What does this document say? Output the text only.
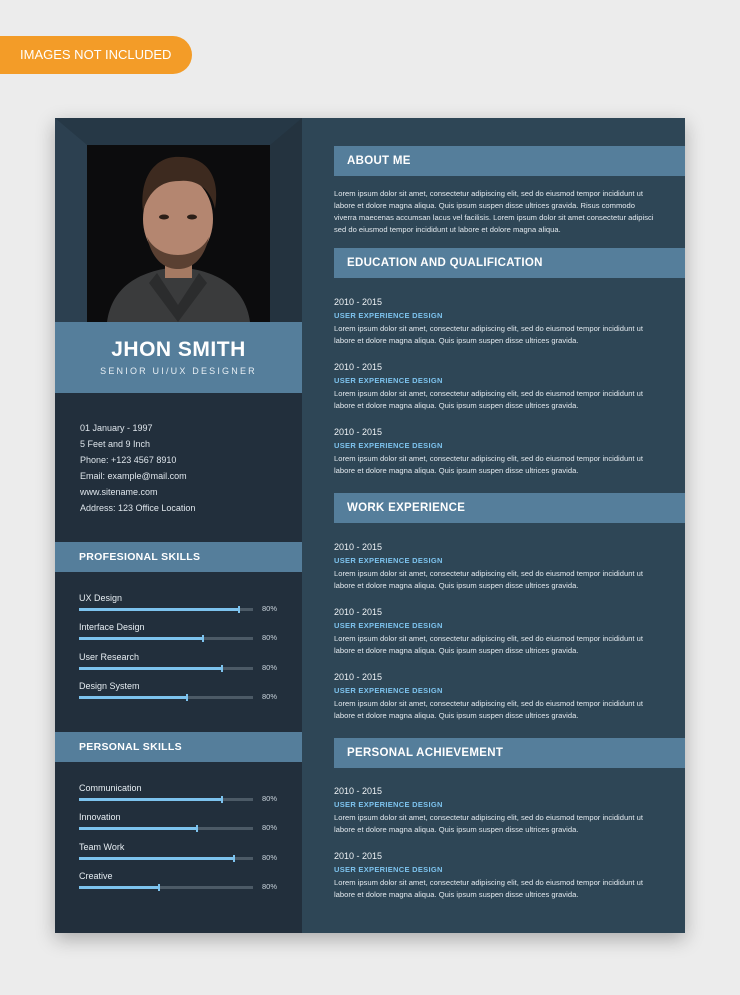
IMAGES NOT INCLUDED
JHON SMITH
SENIOR UI/UX DESIGNER
01 January - 1997
5 Feet and 9 Inch
Phone: +123 4567 8910
Email: example@mail.com
www.sitename.com
Address: 123 Office Location
PROFESIONAL SKILLS
UX Design
80%
Interface Design
80%
User Research
80%
Design System
80%
PERSONAL SKILLS
Communication
80%
Innovation
80%
Team Work
80%
Creative
80%
ABOUT ME
Lorem ipsum dolor sit amet, consectetur adipiscing elit, sed do eiusmod tempor incididunt ut labore et dolore magna aliqua. Quis ipsum suspen disse ultrices gravida. Risus commodo viverra maecenas accumsan lacus vel facilisis. Lorem ipsum dolor sit amet consectetur adipisci sed do eiusmod tempor incididunt ut labore et dolore magna aliqua.
EDUCATION AND QUALIFICATION
2010 - 2015
USER EXPERIENCE DESIGN
Lorem ipsum dolor sit amet, consectetur adipiscing elit, sed do eiusmod tempor incididunt ut labore et dolore magna aliqua. Quis ipsum suspen disse ultrices gravida.
2010 - 2015
USER EXPERIENCE DESIGN
Lorem ipsum dolor sit amet, consectetur adipiscing elit, sed do eiusmod tempor incididunt ut labore et dolore magna aliqua. Quis ipsum suspen disse ultrices gravida.
2010 - 2015
USER EXPERIENCE DESIGN
Lorem ipsum dolor sit amet, consectetur adipiscing elit, sed do eiusmod tempor incididunt ut labore et dolore magna aliqua. Quis ipsum suspen disse ultrices gravida.
WORK EXPERIENCE
2010 - 2015
USER EXPERIENCE DESIGN
Lorem ipsum dolor sit amet, consectetur adipiscing elit, sed do eiusmod tempor incididunt ut labore et dolore magna aliqua. Quis ipsum suspen disse ultrices gravida.
2010 - 2015
USER EXPERIENCE DESIGN
Lorem ipsum dolor sit amet, consectetur adipiscing elit, sed do eiusmod tempor incididunt ut labore et dolore magna aliqua. Quis ipsum suspen disse ultrices gravida.
2010 - 2015
USER EXPERIENCE DESIGN
Lorem ipsum dolor sit amet, consectetur adipiscing elit, sed do eiusmod tempor incididunt ut labore et dolore magna aliqua. Quis ipsum suspen disse ultrices gravida.
PERSONAL ACHIEVEMENT
2010 - 2015
USER EXPERIENCE DESIGN
Lorem ipsum dolor sit amet, consectetur adipiscing elit, sed do eiusmod tempor incididunt ut labore et dolore magna aliqua. Quis ipsum suspen disse ultrices gravida.
2010 - 2015
USER EXPERIENCE DESIGN
Lorem ipsum dolor sit amet, consectetur adipiscing elit, sed do eiusmod tempor incididunt ut labore et dolore magna aliqua. Quis ipsum suspen disse ultrices gravida.
